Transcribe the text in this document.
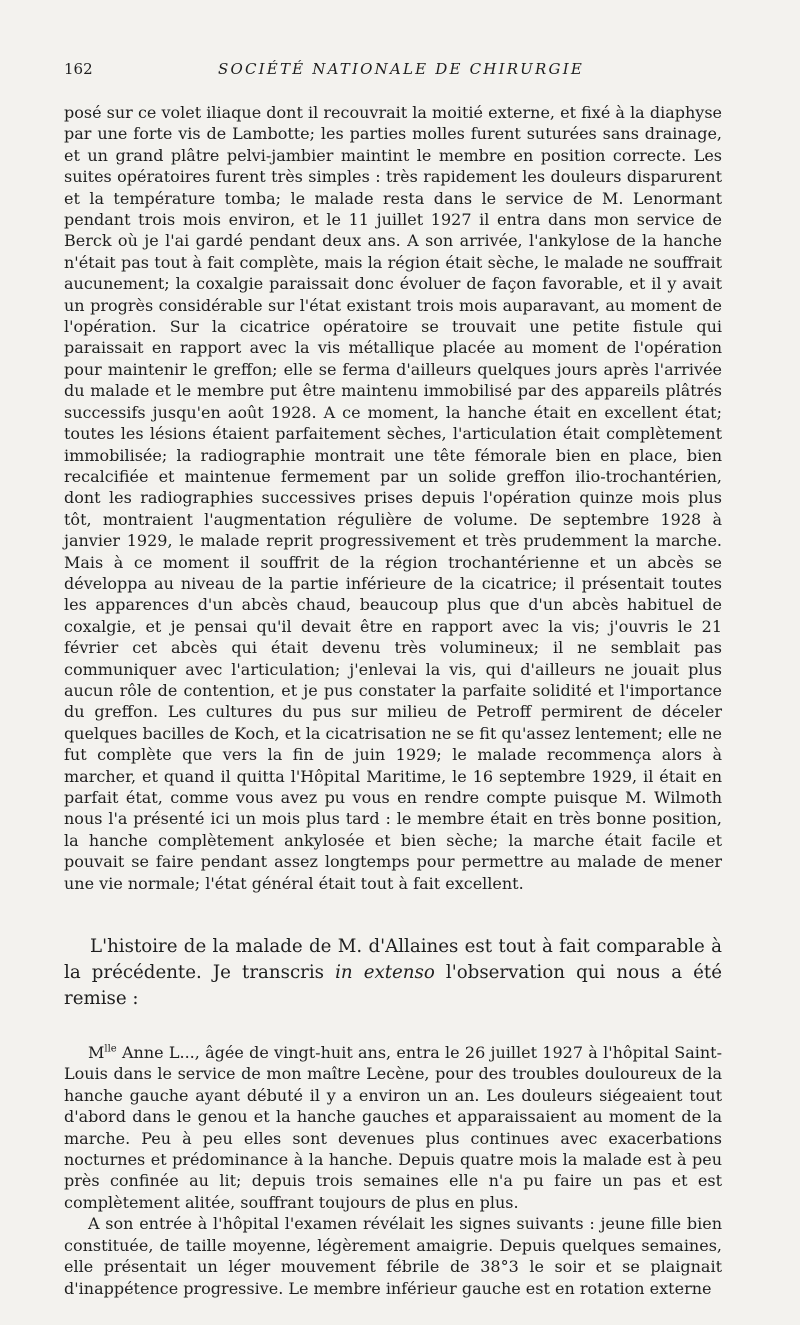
162	SOCIÉTÉ NATIONALE DE CHIRURGIE

posé sur ce volet iliaque dont il recouvrait la moitié externe, et fixé à la diaphyse par une forte vis de Lambotte; les parties molles furent suturées sans drainage, et un grand plâtre pelvi-jambier maintint le membre en position correcte. Les suites opératoires furent très simples : très rapidement les douleurs disparurent et la température tomba; le malade resta dans le service de M. Lenormant pendant trois mois environ, et le 11 juillet 1927 il entra dans mon service de Berck où je l'ai gardé pendant deux ans. A son arrivée, l'ankylose de la hanche n'était pas tout à fait complète, mais la région était sèche, le malade ne souffrait aucunement; la coxalgie paraissait donc évoluer de façon favorable, et il y avait un progrès considérable sur l'état existant trois mois auparavant, au moment de l'opération. Sur la cicatrice opératoire se trouvait une petite fistule qui paraissait en rapport avec la vis métallique placée au moment de l'opération pour maintenir le greffon; elle se ferma d'ailleurs quelques jours après l'arrivée du malade et le membre put être maintenu immobilisé par des appareils plâtrés successifs jusqu'en août 1928. A ce moment, la hanche était en excellent état; toutes les lésions étaient parfaitement sèches, l'articulation était complètement immobilisée; la radiographie montrait une tête fémorale bien en place, bien recalcifiée et maintenue fermement par un solide greffon ilio-trochantérien, dont les radiographies successives prises depuis l'opération quinze mois plus tôt, montraient l'augmentation régulière de volume. De septembre 1928 à janvier 1929, le malade reprit progressivement et très prudemment la marche. Mais à ce moment il souffrit de la région trochantérienne et un abcès se développa au niveau de la partie inférieure de la cicatrice; il présentait toutes les apparences d'un abcès chaud, beaucoup plus que d'un abcès habituel de coxalgie, et je pensai qu'il devait être en rapport avec la vis; j'ouvris le 21 février cet abcès qui était devenu très volumineux; il ne semblait pas communiquer avec l'articulation; j'enlevai la vis, qui d'ailleurs ne jouait plus aucun rôle de contention, et je pus constater la parfaite solidité et l'importance du greffon. Les cultures du pus sur milieu de Petroff permirent de déceler quelques bacilles de Koch, et la cicatrisation ne se fit qu'assez lentement; elle ne fut complète que vers la fin de juin 1929; le malade recommença alors à marcher, et quand il quitta l'Hôpital Maritime, le 16 septembre 1929, il était en parfait état, comme vous avez pu vous en rendre compte puisque M. Wilmoth nous l'a présenté ici un mois plus tard : le membre était en très bonne position, la hanche complètement ankylosée et bien sèche; la marche était facile et pouvait se faire pendant assez longtemps pour permettre au malade de mener une vie normale; l'état général était tout à fait excellent.

L'histoire de la malade de M. d'Allaines est tout à fait comparable à la précédente. Je transcris in extenso l'observation qui nous a été remise :

$M^{lle}$ Anne L..., âgée de vingt-huit ans, entra le 26 juillet 1927 à l'hôpital Saint-Louis dans le service de mon maître Lecène, pour des troubles douloureux de la hanche gauche ayant débuté il y a environ un an. Les douleurs siégeaient tout d'abord dans le genou et la hanche gauches et apparaissaient au moment de la marche. Peu à peu elles sont devenues plus continues avec exacerbations nocturnes et prédominance à la hanche. Depuis quatre mois la malade est à peu près confinée au lit; depuis trois semaines elle n'a pu faire un pas et est complètement alitée, souffrant toujours de plus en plus.

A son entrée à l'hôpital l'examen révélait les signes suivants : jeune fille bien constituée, de taille moyenne, légèrement amaigrie. Depuis quelques semaines, elle présentait un léger mouvement fébrile de 38°3 le soir et se plaignait d'inappétence progressive. Le membre inférieur gauche est en rotation externe
